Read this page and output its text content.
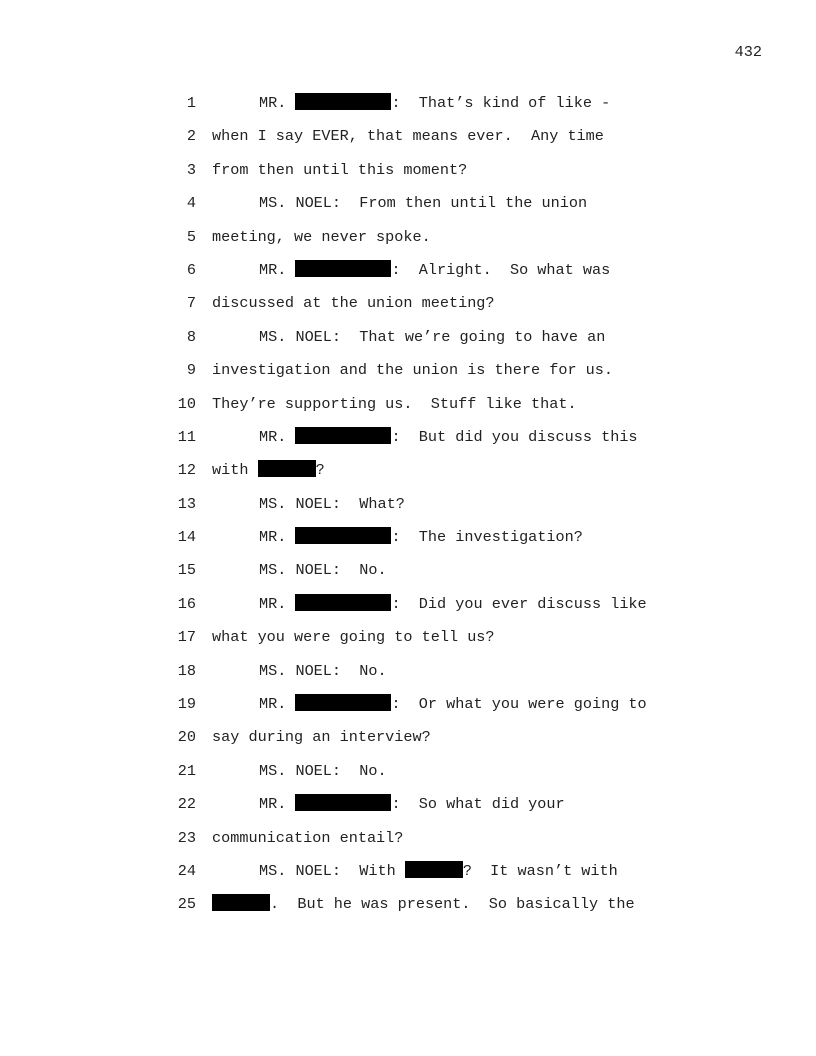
432
1	MR.	:  That’s kind of like -
2 when I say EVER, that means ever.  Any time
3 from then until this moment?
4	MS. NOEL:  From then until the union
5 meeting, we never spoke.
6	MR.	:  Alright.  So what was
7 discussed at the union meeting?
8	MS. NOEL:  That we’re going to have an
9 investigation and the union is there for us.
10 They’re supporting us.  Stuff like that.
11	MR.	:  But did you discuss this
12 with	?
13	MS. NOEL:  What?
14	MR.	:  The investigation?
15	MS. NOEL:  No.
16	MR.	:  Did you ever discuss like
17 what you were going to tell us?
18	MS. NOEL:  No.
19	MR.	:  Or what you were going to
20 say during an interview?
21	MS. NOEL:  No.
22	MR.	:  So what did your
23 communication entail?
24	MS. NOEL:  With	?  It wasn’t with
25	.  But he was present.  So basically the
